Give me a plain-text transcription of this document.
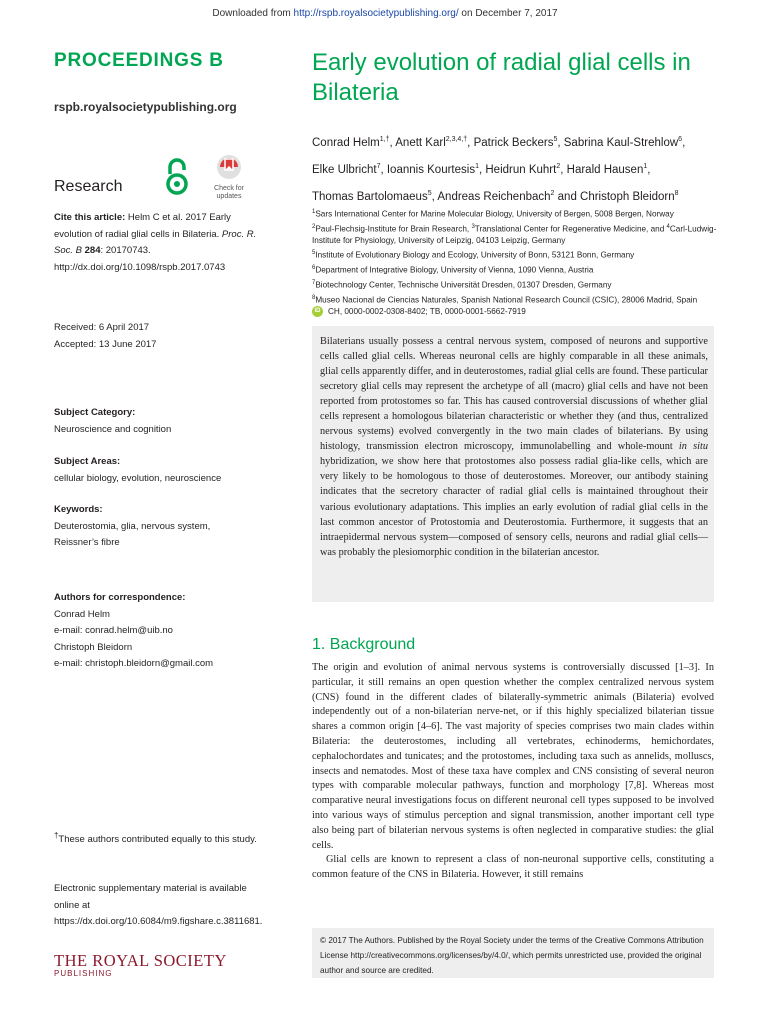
Downloaded from http://rspb.royalsocietypublishing.org/ on December 7, 2017
PROCEEDINGS B
rspb.royalsocietypublishing.org
Research	Check for
updates
Cite this article: Helm C et al. 2017 Early evolution of radial glial cells in Bilateria. Proc. R. Soc. B 284: 20170743.
http://dx.doi.org/10.1098/rspb.2017.0743
Received: 6 April 2017
Accepted: 13 June 2017
Subject Category:
Neuroscience and cognition
Subject Areas:
cellular biology, evolution, neuroscience
Keywords:
Deuterostomia, glia, nervous system,
Reissner’s fibre
Authors for correspondence:
Conrad Helm
e-mail: conrad.helm@uib.no
Christoph Bleidorn
e-mail: christoph.bleidorn@gmail.com
†These authors contributed equally to this study.
Electronic supplementary material is available online at https://dx.doi.org/10.6084/m9.figshare.c.3811681.
THE ROYAL SOCIETY
PUBLISHING
Early evolution of radial glial cells in Bilateria
Conrad Helm$^{1,\dagger}$, Anett Karl$^{2,3,4,\dagger}$, Patrick Beckers$^5$, Sabrina Kaul-Strehlow$^6$,
Elke Ulbricht$^7$, Ioannis Kourtesis$^1$, Heidrun Kuhrt$^2$, Harald Hausen$^1$,
Thomas Bartolomaeus$^5$, Andreas Reichenbach$^2$ and Christoph Bleidorn$^8$
$^1$Sars International Center for Marine Molecular Biology, University of Bergen, 5008 Bergen, Norway
$^2$Paul-Flechsig-Institute for Brain Research, $^3$Translational Center for Regenerative Medicine, and $^4$Carl-Ludwig-Institute for Physiology, University of Leipzig, 04103 Leipzig, Germany
$^5$Institute of Evolutionary Biology and Ecology, University of Bonn, 53121 Bonn, Germany
$^6$Department of Integrative Biology, University of Vienna, 1090 Vienna, Austria
$^7$Biotechnology Center, Technische Universität Dresden, 01307 Dresden, Germany
$^8$Museo Nacional de Ciencias Naturales, Spanish National Research Council (CSIC), 28006 Madrid, Spain

iD CH, 0000-0002-0308-8402; TB, 0000-0001-5662-7919
Bilaterians usually possess a central nervous system, composed of neurons and supportive cells called glial cells. Whereas neuronal cells are highly comparable in all these animals, glial cells apparently differ, and in deuterostomes, radial glial cells are found. These particular secretory glial cells may represent the archetype of all (macro) glial cells and have not been reported from protostomes so far. This has caused controversial discussions of whether glial cells represent a homologous bilaterian characteristic or whether they (and thus, centralized nervous systems) evolved convergently in the two main clades of bilaterians. By using histology, transmission electron microscopy, immunolabelling and whole-mount in situ hybridization, we show here that protostomes also possess radial glia-like cells, which are very likely to be homologous to those of deuterostomes. Moreover, our antibody staining indicates that the secretory character of radial glial cells is maintained throughout their various evolutionary adaptations. This implies an early evolution of radial glial cells in the last common ancestor of Protostomia and Deuterostomia. Furthermore, it suggests that an intraepidermal nervous system—composed of sensory cells, neurons and radial glial cells—was probably the plesiomorphic condition in the bilaterian ancestor.
1. Background

The origin and evolution of animal nervous systems is controversially discussed [1–3]. In particular, it still remains an open question whether the complex centralized nervous system (CNS) found in the different clades of bilaterally-symmetric animals (Bilateria) evolved independently out of a non-bilaterian nerve-net, or if this highly specialized bilaterian tissue shares a common origin [4–6]. The vast majority of species comprises two main clades within Bilateria: the deuterostomes, including all vertebrates, echinoderms, hemichordates, cephalochordates and tunicates; and the protostomes, including taxa such as annelids, molluscs, insects and nematodes. Most of these taxa have complex and CNS consisting of several neuron types with comparable molecular pathways, function and morphology [7,8]. Whereas most comparative neural investigations focus on different neuronal cell types supposed to be involved into various ways of stimulus perception and signal transmission, another important cell type also being part of bilaterian nervous systems is often neglected in comparative studies: the glial cells.

Glial cells are known to represent a class of non-neuronal supportive cells, constituting a common feature of the CNS in Bilateria. However, it still remains

© 2017 The Authors. Published by the Royal Society under the terms of the Creative Commons Attribution License http://creativecommons.org/licenses/by/4.0/, which permits unrestricted use, provided the original author and source are credited.
